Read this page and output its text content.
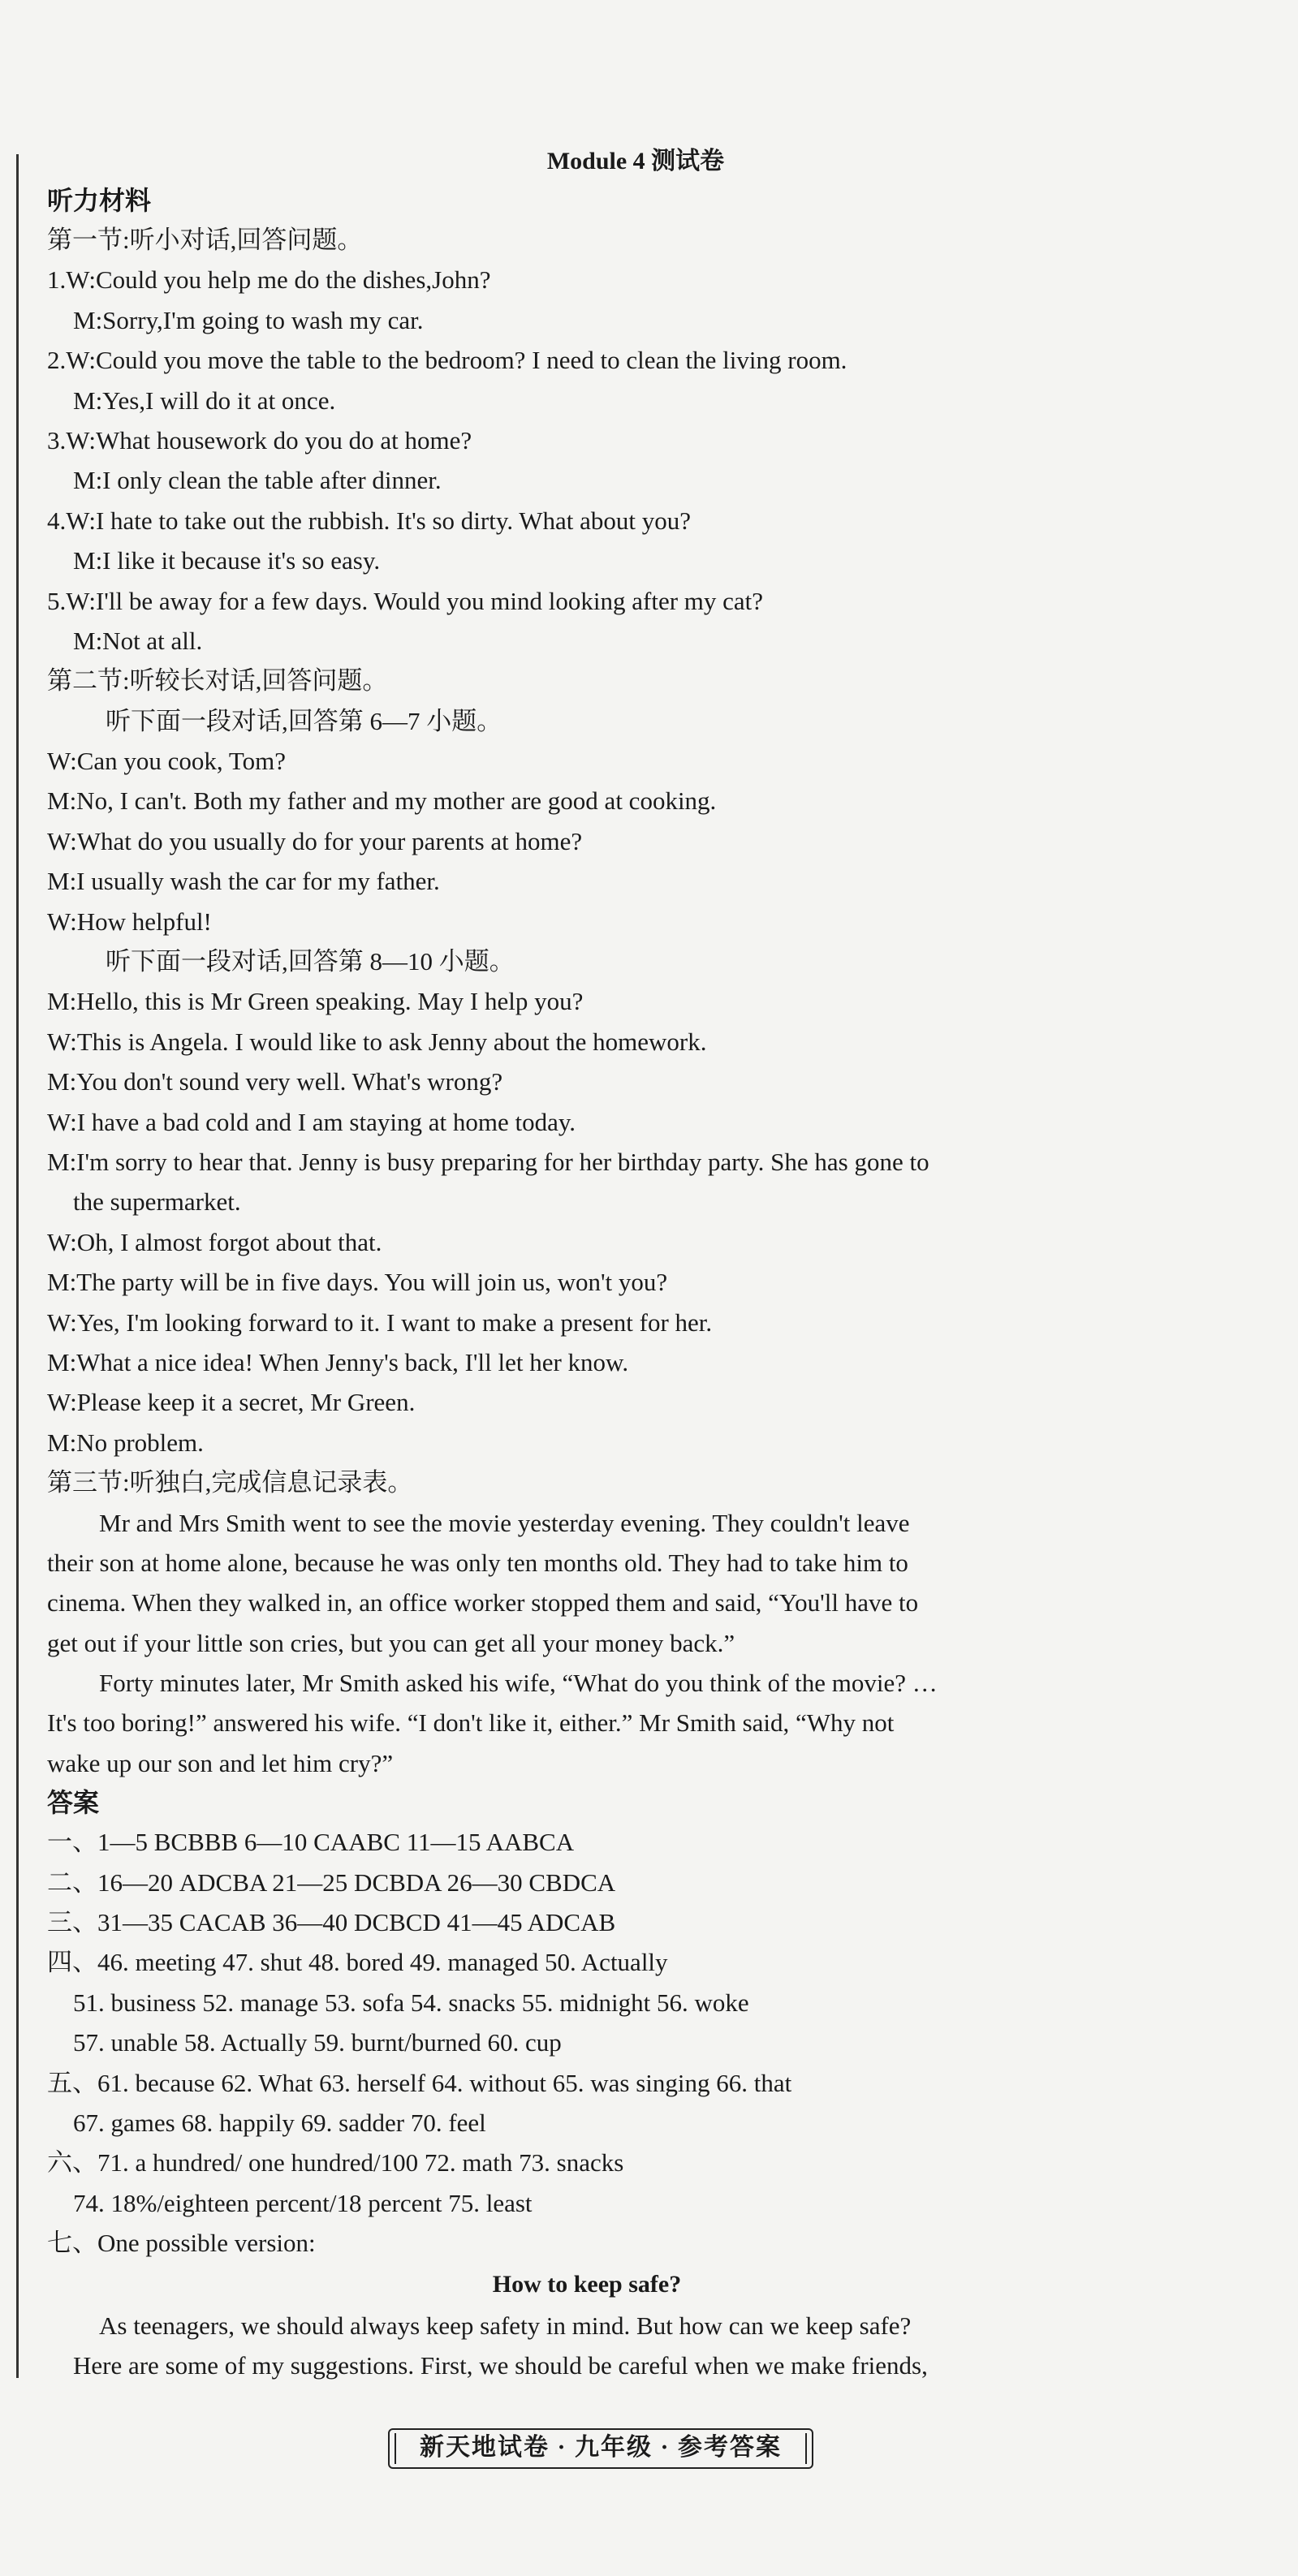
Module 4 测试卷
听力材料
第一节:听小对话,回答问题。
1.W:Could you help me do the dishes,John?
M:Sorry,I'm going to wash my car.
2.W:Could you move the table to the bedroom? I need to clean the living room.
M:Yes,I will do it at once.
3.W:What housework do you do at home?
M:I only clean the table after dinner.
4.W:I hate to take out the rubbish. It's so dirty. What about you?
M:I like it because it's so easy.
5.W:I'll be away for a few days. Would you mind looking after my cat?
M:Not at all.
第二节:听较长对话,回答问题。
听下面一段对话,回答第 6—7 小题。
W:Can you cook, Tom?
M:No, I can't. Both my father and my mother are good at cooking.
W:What do you usually do for your parents at home?
M:I usually wash the car for my father.
W:How helpful!
听下面一段对话,回答第 8—10 小题。
M:Hello, this is Mr Green speaking. May I help you?
W:This is Angela. I would like to ask Jenny about the homework.
M:You don't sound very well. What's wrong?
W:I have a bad cold and I am staying at home today.
M:I'm sorry to hear that. Jenny is busy preparing for her birthday party. She has gone to
the supermarket.
W:Oh, I almost forgot about that.
M:The party will be in five days. You will join us, won't you?
W:Yes, I'm looking forward to it. I want to make a present for her.
M:What a nice idea! When Jenny's back, I'll let her know.
W:Please keep it a secret, Mr Green.
M:No problem.
第三节:听独白,完成信息记录表。
Mr and Mrs Smith went to see the movie yesterday evening. They couldn't leave
their son at home alone, because he was only ten months old. They had to take him to
cinema. When they walked in, an office worker stopped them and said, “You'll have to
get out if your little son cries, but you can get all your money back.”
Forty minutes later, Mr Smith asked his wife, “What do you think of the movie? …
It's too boring!” answered his wife. “I don't like it, either.” Mr Smith said, “Why not
wake up our son and let him cry?”
答案
一、1—5 BCBBB 6—10 CAABC 11—15 AABCA
二、16—20 ADCBA 21—25 DCBDA 26—30 CBDCA
三、31—35 CACAB 36—40 DCBCD 41—45 ADCAB
四、46. meeting 47. shut 48. bored 49. managed 50. Actually
51. business 52. manage 53. sofa 54. snacks 55. midnight 56. woke
57. unable 58. Actually 59. burnt/burned 60. cup
五、61. because 62. What 63. herself 64. without 65. was singing 66. that
67. games 68. happily 69. sadder 70. feel
六、71. a hundred/ one hundred/100 72. math 73. snacks
74. 18%/eighteen percent/18 percent 75. least
七、One possible version:
How to keep safe?
As teenagers, we should always keep safety in mind. But how can we keep safe?
Here are some of my suggestions. First, we should be careful when we make friends,
新天地试卷 · 九年级 · 参考答案
